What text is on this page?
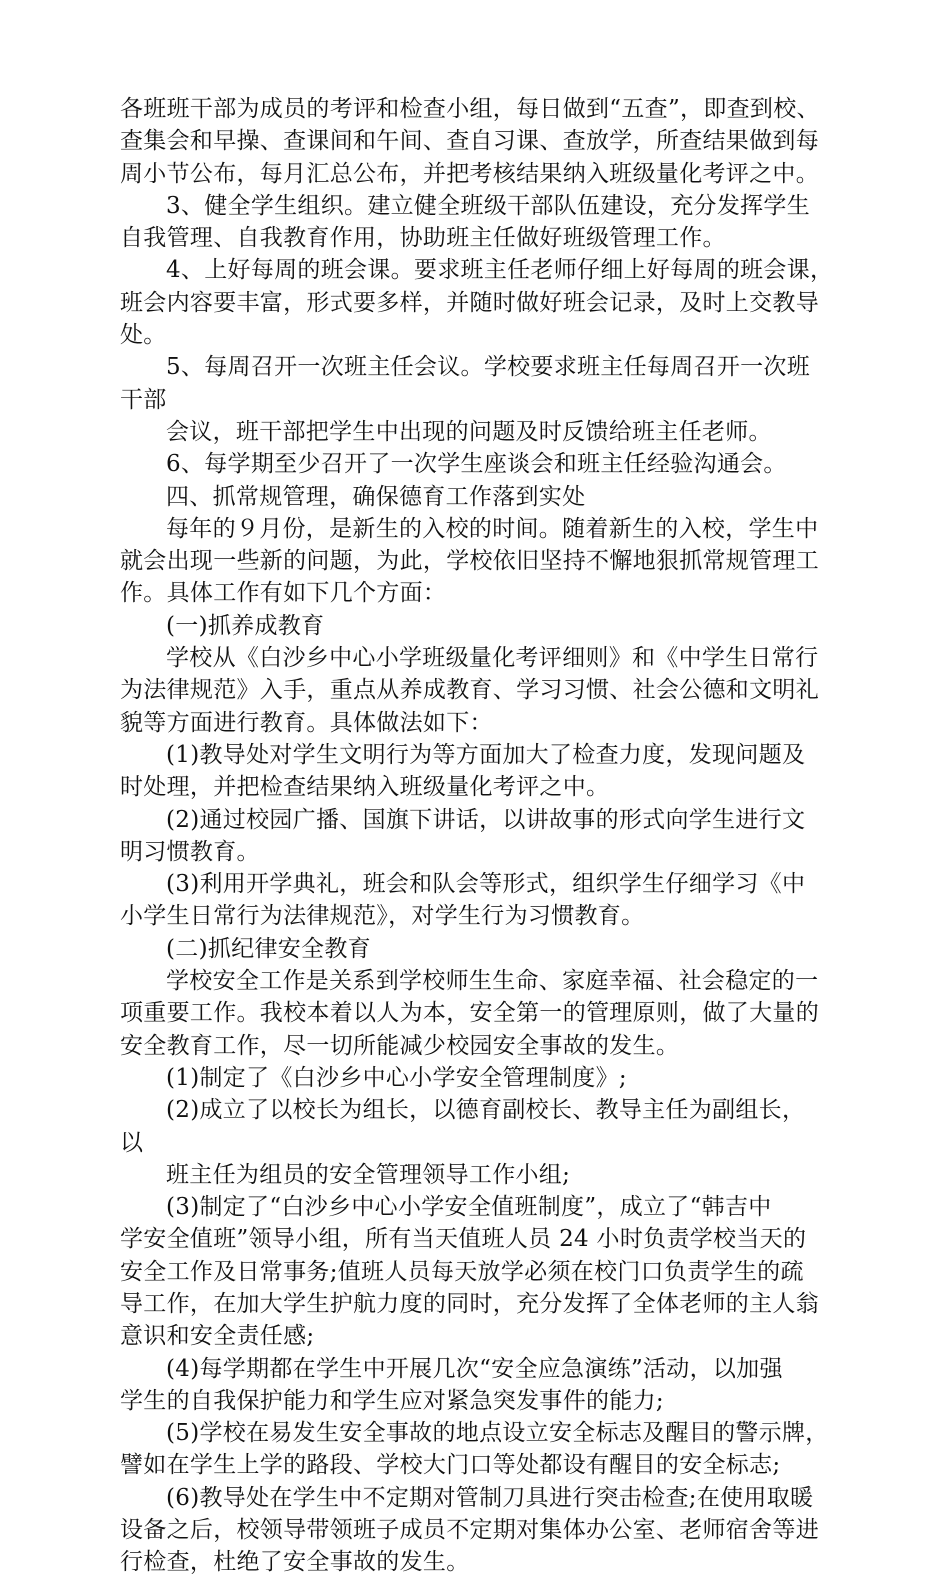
各班班干部为成员的考评和检查小组，每日做到“五查”，即查到校、
查集会和早操、查课间和午间、查自习课、查放学，所查结果做到每
周小节公布，每月汇总公布，并把考核结果纳入班级量化考评之中。
3、健全学生组织。建立健全班级干部队伍建设，充分发挥学生
自我管理、自我教育作用，协助班主任做好班级管理工作。
4、上好每周的班会课。要求班主任老师仔细上好每周的班会课，
班会内容要丰富，形式要多样，并随时做好班会记录，及时上交教导
处。
5、每周召开一次班主任会议。学校要求班主任每周召开一次班
干部
会议，班干部把学生中出现的问题及时反馈给班主任老师。
6、每学期至少召开了一次学生座谈会和班主任经验沟通会。
四、抓常规管理，确保德育工作落到实处
每年的９月份，是新生的入校的时间。随着新生的入校，学生中
就会出现一些新的问题，为此，学校依旧坚持不懈地狠抓常规管理工
作。具体工作有如下几个方面：
(一)抓养成教育
学校从《白沙乡中心小学班级量化考评细则》和《中学生日常行
为法律规范》入手，重点从养成教育、学习习惯、社会公德和文明礼
貌等方面进行教育。具体做法如下：
(1)教导处对学生文明行为等方面加大了检查力度，发现问题及
时处理，并把检查结果纳入班级量化考评之中。
(2)通过校园广播、国旗下讲话，以讲故事的形式向学生进行文
明习惯教育。
(3)利用开学典礼，班会和队会等形式，组织学生仔细学习《中
小学生日常行为法律规范》，对学生行为习惯教育。
(二)抓纪律安全教育
学校安全工作是关系到学校师生生命、家庭幸福、社会稳定的一
项重要工作。我校本着以人为本，安全第一的管理原则，做了大量的
安全教育工作，尽一切所能减少校园安全事故的发生。
(1)制定了《白沙乡中心小学安全管理制度》;
(2)成立了以校长为组长，以德育副校长、教导主任为副组长，
以
班主任为组员的安全管理领导工作小组;
(3)制定了“白沙乡中心小学安全值班制度”，成立了“韩吉中
学安全值班”领导小组，所有当天值班人员 24 小时负责学校当天的
安全工作及日常事务;值班人员每天放学必须在校门口负责学生的疏
导工作，在加大学生护航力度的同时，充分发挥了全体老师的主人翁
意识和安全责任感;
(4)每学期都在学生中开展几次“安全应急演练”活动，以加强
学生的自我保护能力和学生应对紧急突发事件的能力;
(5)学校在易发生安全事故的地点设立安全标志及醒目的警示牌，
譬如在学生上学的路段、学校大门口等处都设有醒目的安全标志;
(6)教导处在学生中不定期对管制刀具进行突击检查;在使用取暖
设备之后，校领导带领班子成员不定期对集体办公室、老师宿舍等进
行检查，杜绝了安全事故的发生。
